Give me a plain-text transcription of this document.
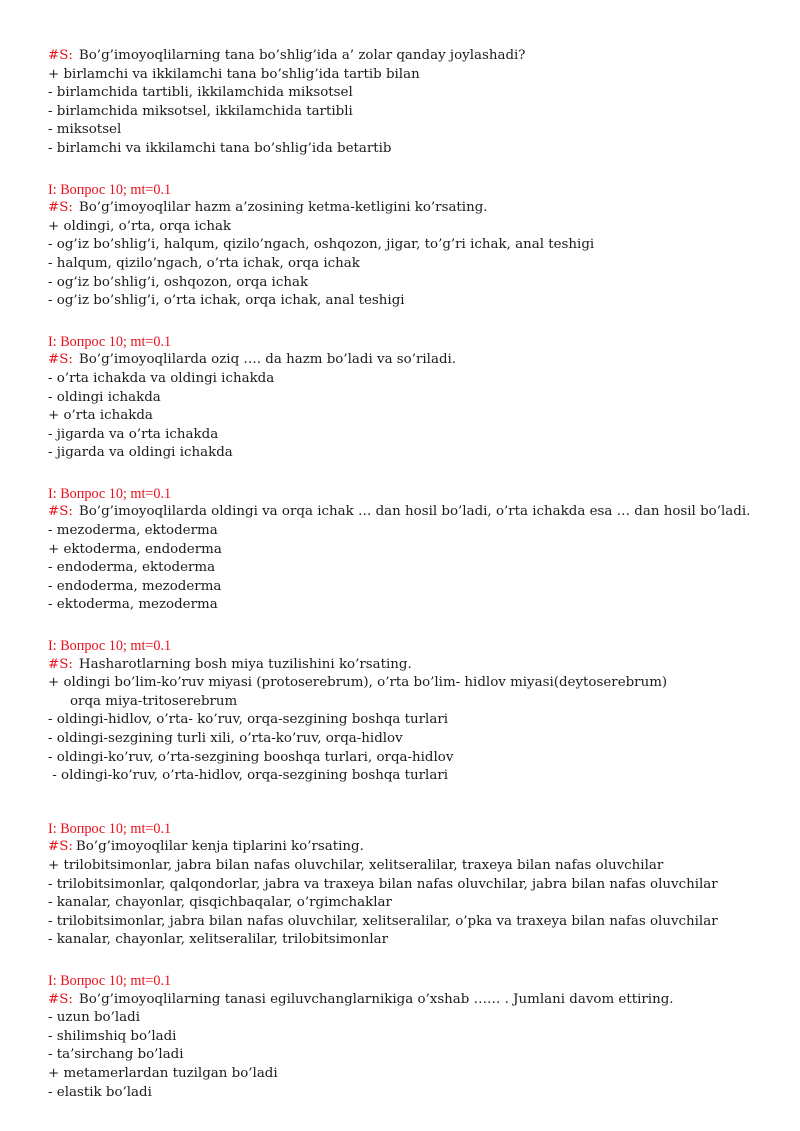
#S: Bo’g’imoyoqlilarning tana bo’shlig’ida a’ zolar qanday joylashadi?
+ birlamchi va ikkilamchi tana bo’shlig’ida tartib bilan
- birlamchida tartibli, ikkilamchida miksotsel
- birlamchida miksotsel, ikkilamchida tartibli
- miksotsel
- birlamchi va ikkilamchi tana bo’shlig’ida betartib
I: Вопрос 10; mt=0.1
#S: Bo’g’imoyoqlilar hazm a’zosining ketma-ketligini ko’rsating.
+ oldingi, o’rta, orqa ichak
- og’iz bo’shlig’i, halqum, qizilo’ngach, oshqozon, jigar, to’g’ri ichak, anal teshigi
- halqum, qizilo’ngach, o’rta ichak, orqa ichak
- og’iz bo’shlig’i, oshqozon, orqa ichak
- og’iz bo’shlig’i, o’rta ichak, orqa ichak, anal teshigi
I: Вопрос 10; mt=0.1
#S: Bo’g’imoyoqlilarda oziq …. da hazm bo’ladi va so’riladi.
- o’rta ichakda va oldingi ichakda
- oldingi ichakda
+ o’rta ichakda
- jigarda va o’rta ichakda
- jigarda va oldingi ichakda
I: Вопрос 10; mt=0.1
#S: Bo’g’imoyoqlilarda oldingi va orqa ichak … dan hosil bo’ladi, o’rta ichakda esa … dan hosil bo’ladi.
- mezoderma, ektoderma
+ ektoderma, endoderma
- endoderma, ektoderma
- endoderma, mezoderma
- ektoderma, mezoderma
I: Вопрос 10; mt=0.1
#S: Hasharotlarning bosh miya tuzilishini ko’rsating.
+ oldingi bo’lim-ko’ruv miyasi (protoserebrum), o’rta bo’lim- hidlov miyasi(deytoserebrum)
orqa miya-tritoserebrum
- oldingi-hidlov, o’rta- ko’ruv, orqa-sezgining boshqa turlari
- oldingi-sezgining turli xili, o’rta-ko’ruv, orqa-hidlov
- oldingi-ko’ruv, o’rta-sezgining booshqa turlari, orqa-hidlov
- oldingi-ko’ruv, o’rta-hidlov, orqa-sezgining boshqa turlari
I: Вопрос 10; mt=0.1
#S: Bo’g’imoyoqlilar kenja tiplarini ko’rsating.
+ trilobitsimonlar, jabra bilan nafas oluvchilar, xelitseralilar, traxeya bilan nafas oluvchilar
- trilobitsimonlar, qalqondorlar, jabra va traxeya bilan nafas oluvchilar, jabra bilan nafas oluvchilar
- kanalar, chayonlar, qisqichbaqalar, o’rgimchaklar
- trilobitsimonlar, jabra bilan nafas oluvchilar, xelitseralilar, o’pka va traxeya bilan nafas oluvchilar
- kanalar, chayonlar, xelitseralilar, trilobitsimonlar
I: Вопрос 10; mt=0.1
#S: Bo’g’imoyoqlilarning tanasi egiluvchanglarnikiga o’xshab …… . Jumlani davom ettiring.
- uzun bo’ladi
- shilimshiq bo’ladi
- ta’sirchang bo’ladi
+ metamerlardan tuzilgan bo’ladi
- elastik bo’ladi
